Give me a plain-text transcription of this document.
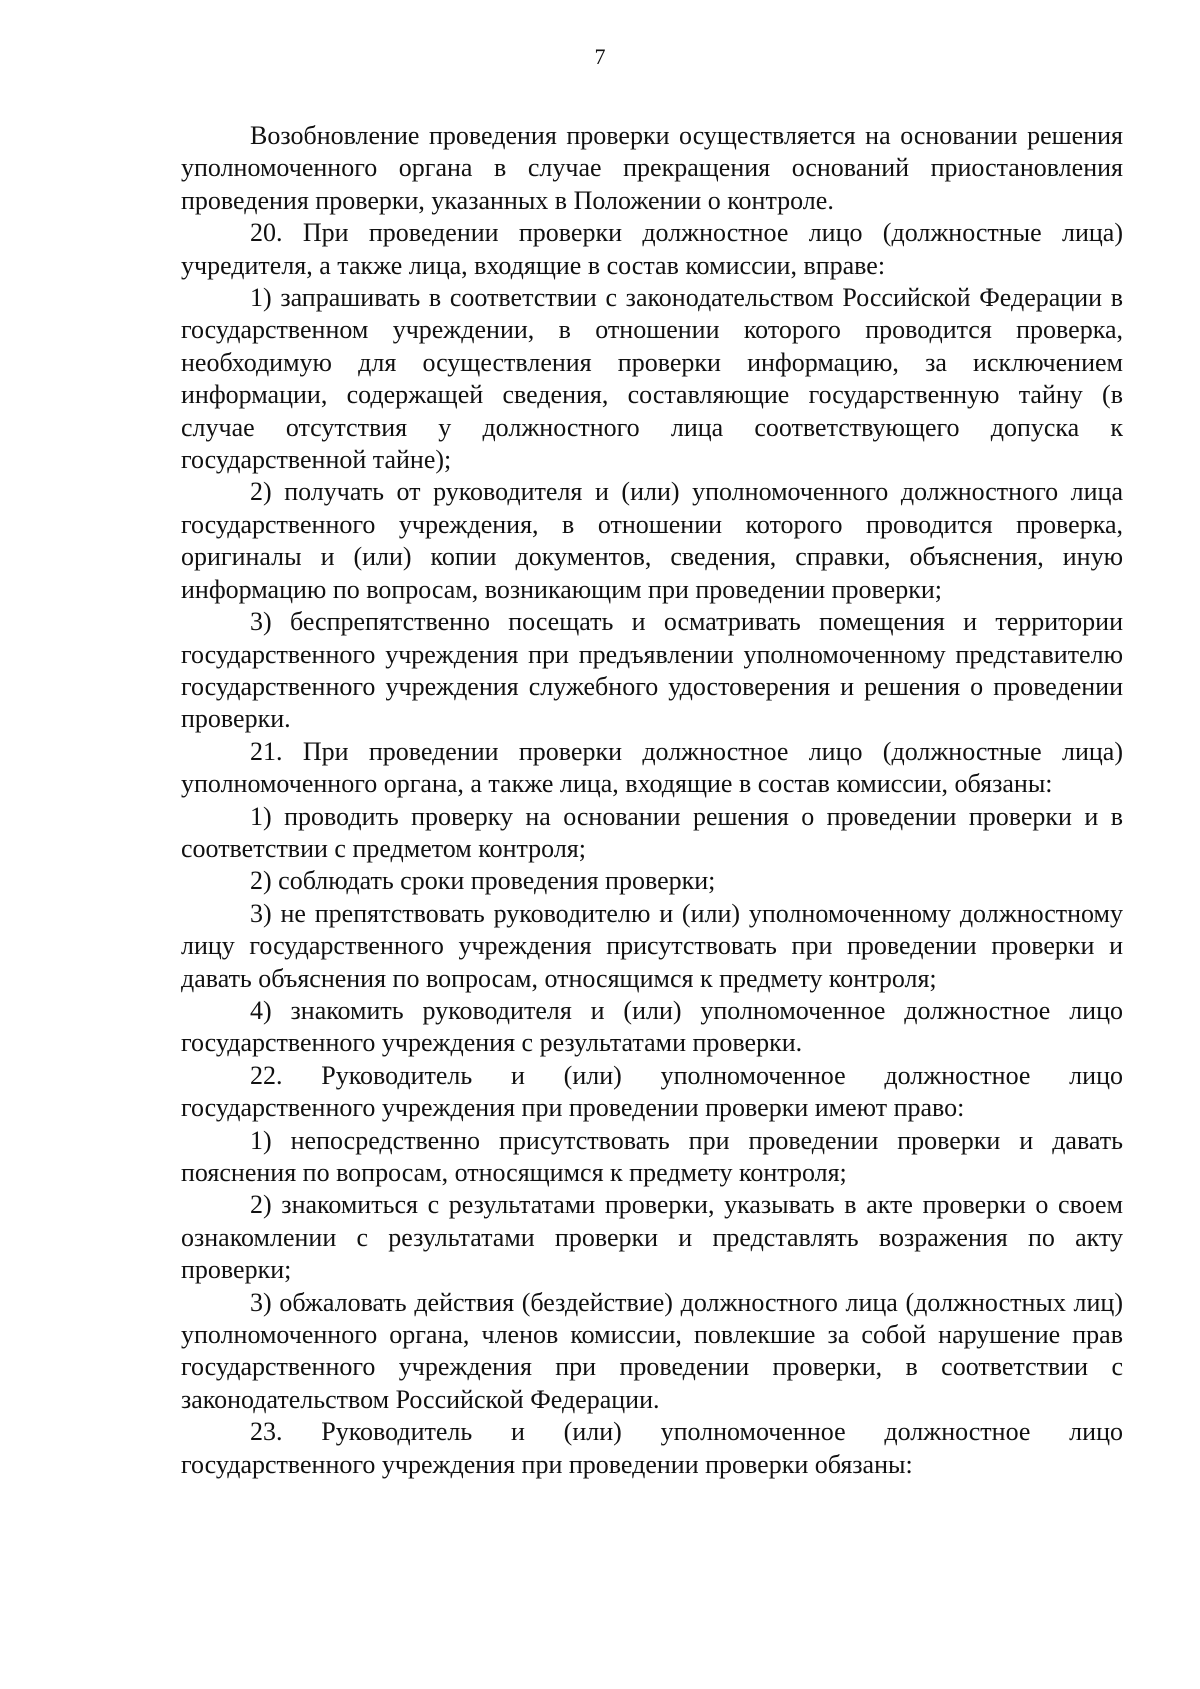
7

Возобновление проведения проверки осуществляется на основании решения уполномоченного органа в случае прекращения оснований приостановления проведения проверки, указанных в Положении о контроле.

20. При проведении проверки должностное лицо (должностные лица) учредителя, а также лица, входящие в состав комиссии, вправе:

1) запрашивать в соответствии с законодательством Российской Федерации в государственном учреждении, в отношении которого проводится проверка, необходимую для осуществления проверки информацию, за исключением информации, содержащей сведения, составляющие государственную тайну (в случае отсутствия у должностного лица соответствующего допуска к государственной тайне);

2) получать от руководителя и (или) уполномоченного должностного лица государственного учреждения, в отношении которого проводится проверка, оригиналы и (или) копии документов, сведения, справки, объяснения, иную информацию по вопросам, возникающим при проведении проверки;

3) беспрепятственно посещать и осматривать помещения и территории государственного учреждения при предъявлении уполномоченному представителю государственного учреждения служебного удостоверения и решения о проведении проверки.

21. При проведении проверки должностное лицо (должностные лица) уполномоченного органа, а также лица, входящие в состав комиссии, обязаны:

1) проводить проверку на основании решения о проведении проверки и в соответствии с предметом контроля;

2) соблюдать сроки проведения проверки;

3) не препятствовать руководителю и (или) уполномоченному должностному лицу государственного учреждения присутствовать при проведении проверки и давать объяснения по вопросам, относящимся к предмету контроля;

4) знакомить руководителя и (или) уполномоченное должностное лицо государственного учреждения с результатами проверки.

22. Руководитель и (или) уполномоченное должностное лицо государственного учреждения при проведении проверки имеют право:

1) непосредственно присутствовать при проведении проверки и давать пояснения по вопросам, относящимся к предмету контроля;

2) знакомиться с результатами проверки, указывать в акте проверки о своем ознакомлении с результатами проверки и представлять возражения по акту проверки;

3) обжаловать действия (бездействие) должностного лица (должностных лиц) уполномоченного органа, членов комиссии, повлекшие за собой нарушение прав государственного учреждения при проведении проверки, в соответствии с законодательством Российской Федерации.

23. Руководитель и (или) уполномоченное должностное лицо государственного учреждения при проведении проверки обязаны:
